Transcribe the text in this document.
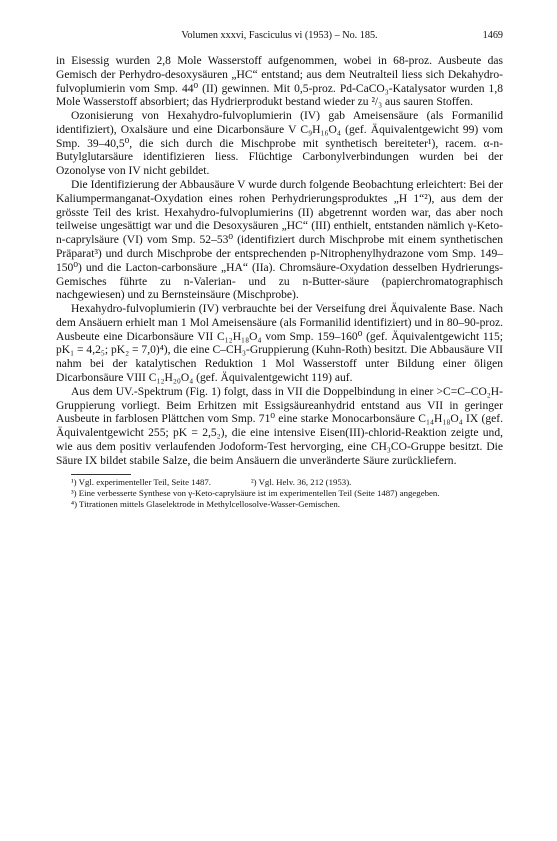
Volumen xxxvi, Fasciculus vi (1953) – No. 185.	1469

in Eisessig wurden 2,8 Mole Wasserstoff aufgenommen, wobei in 68-proz. Ausbeute das Gemisch der Perhydro-desoxysäuren „HC“ entstand; aus dem Neutralteil liess sich Dekahydro-fulvoplumierin vom Smp. 44⁰ (II) gewinnen. Mit 0,5-proz. Pd-CaCO₃-Katalysator wurden 1,8 Mole Wasserstoff absorbiert; das Hydrierprodukt bestand wieder zu ²/₃ aus sauren Stoffen.

Ozonisierung von Hexahydro-fulvoplumierin (IV) gab Ameisensäure (als Formanilid identifiziert), Oxalsäure und eine Dicarbonsäure V C₉H₁₆O₄ (gef. Äquivalentgewicht 99) vom Smp. 39–40,5⁰, die sich durch die Mischprobe mit synthetisch bereiteter¹), racem. α-n-Butylglutarsäure identifizieren liess. Flüchtige Carbonylverbindungen wurden bei der Ozonolyse von IV nicht gebildet.

Die Identifizierung der Abbausäure V wurde durch folgende Beobachtung erleichtert: Bei der Kaliumpermanganat-Oxydation eines rohen Perhydrierungsproduktes „H 1“²), aus dem der grösste Teil des krist. Hexahydro-fulvoplumierins (II) abgetrennt worden war, das aber noch teilweise ungesättigt war und die Desoxysäuren „HC“ (III) enthielt, entstanden nämlich γ-Keto-n-caprylsäure (VI) vom Smp. 52–53⁰ (identifiziert durch Mischprobe mit einem synthetischen Präparat³) und durch Mischprobe der entsprechenden p-Nitrophenylhydrazone vom Smp. 149–150⁰) und die Lacton-carbonsäure „HA“ (IIa). Chromsäure-Oxydation desselben Hydrierungs-Gemisches führte zu n-Valerian- und zu n-Butter-säure (papierchromatographisch nachgewiesen) und zu Bernsteinsäure (Mischprobe).

Hexahydro-fulvoplumierin (IV) verbrauchte bei der Verseifung drei Äquivalente Base. Nach dem Ansäuern erhielt man 1 Mol Ameisensäure (als Formanilid identifiziert) und in 80–90-proz. Ausbeute eine Dicarbonsäure VII C₁₂H₁₈O₄ vom Smp. 159–160⁰ (gef. Äquivalentgewicht 115; pK₁ = 4,2₅; pK₂ = 7,0)⁴), die eine C–CH₃-Gruppierung (Kuhn-Roth) besitzt. Die Abbausäure VII nahm bei der katalytischen Reduktion 1 Mol Wasserstoff unter Bildung einer öligen Dicarbonsäure VIII C₁₂H₂₀O₄ (gef. Äquivalentgewicht 119) auf.

Aus dem UV.-Spektrum (Fig. 1) folgt, dass in VII die Doppelbindung in einer >C=C–CO₂H-Gruppierung vorliegt. Beim Erhitzen mit Essigsäureanhydrid entstand aus VII in geringer Ausbeute in farblosen Plättchen vom Smp. 71⁰ eine starke Monocarbonsäure C₁₄H₁₈O₄ IX (gef. Äquivalentgewicht 255; pK = 2,5₂), die eine intensive Eisen(III)-chlorid-Reaktion zeigte und, wie aus dem positiv verlaufenden Jodoform-Test hervorging, eine CH₃CO-Gruppe besitzt. Die Säure IX bildet stabile Salze, die beim Ansäuern die unveränderte Säure zurückliefern.

¹) Vgl. experimenteller Teil, Seite 1487.	²) Vgl. Helv. 36, 212 (1953).

³) Eine verbesserte Synthese von γ-Keto-caprylsäure ist im experimentellen Teil (Seite 1487) angegeben.

⁴) Titrationen mittels Glaselektrode in Methylcellosolve-Wasser-Gemischen.
